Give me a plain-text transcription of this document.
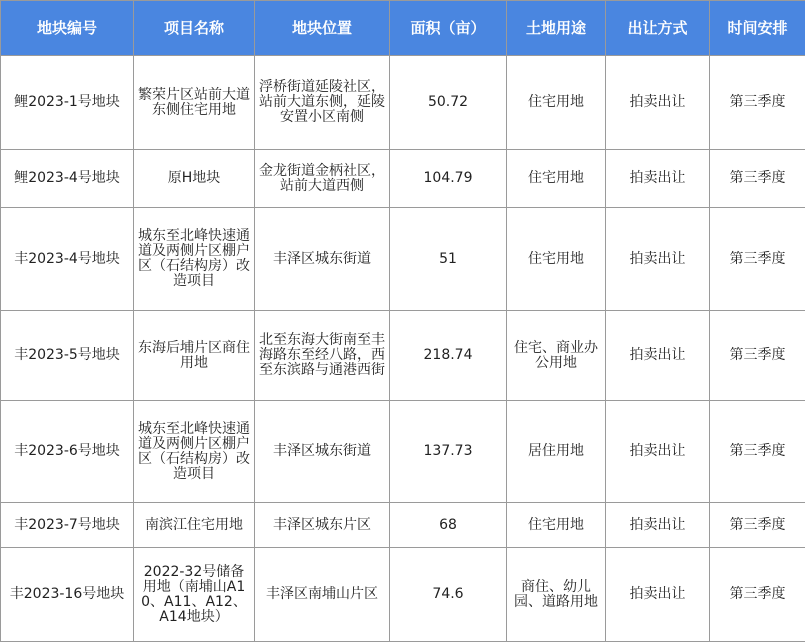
地块编号	项目名称	地块位置	面积（亩）	土地用途	出让方式	时间安排
鲤2023-1号地块	繁荣片区站前大道东侧住宅用地	浮桥街道延陵社区，站前大道东侧，延陵安置小区南侧	50.72	住宅用地	拍卖出让	第三季度
鲤2023-4号地块	原H地块	金龙街道金柄社区，站前大道西侧	104.79	住宅用地	拍卖出让	第三季度
丰2023-4号地块	城东至北峰快速通道及两侧片区棚户区（石结构房）改造项目	丰泽区城东街道	51	住宅用地	拍卖出让	第三季度
丰2023-5号地块	东海后埔片区商住用地	北至东海大街南至丰海路东至经八路，西至东滨路与通港西街	218.74	住宅、商业办公用地	拍卖出让	第三季度
丰2023-6号地块	城东至北峰快速通道及两侧片区棚户区（石结构房）改造项目	丰泽区城东街道	137.73	居住用地	拍卖出让	第三季度
丰2023-7号地块	南滨江住宅用地	丰泽区城东片区	68	住宅用地	拍卖出让	第三季度
丰2023-16号地块	2022-32号储备用地（南埔山A10、A11、A12、A14地块）	丰泽区南埔山片区	74.6	商住、幼儿园、道路用地	拍卖出让	第三季度
